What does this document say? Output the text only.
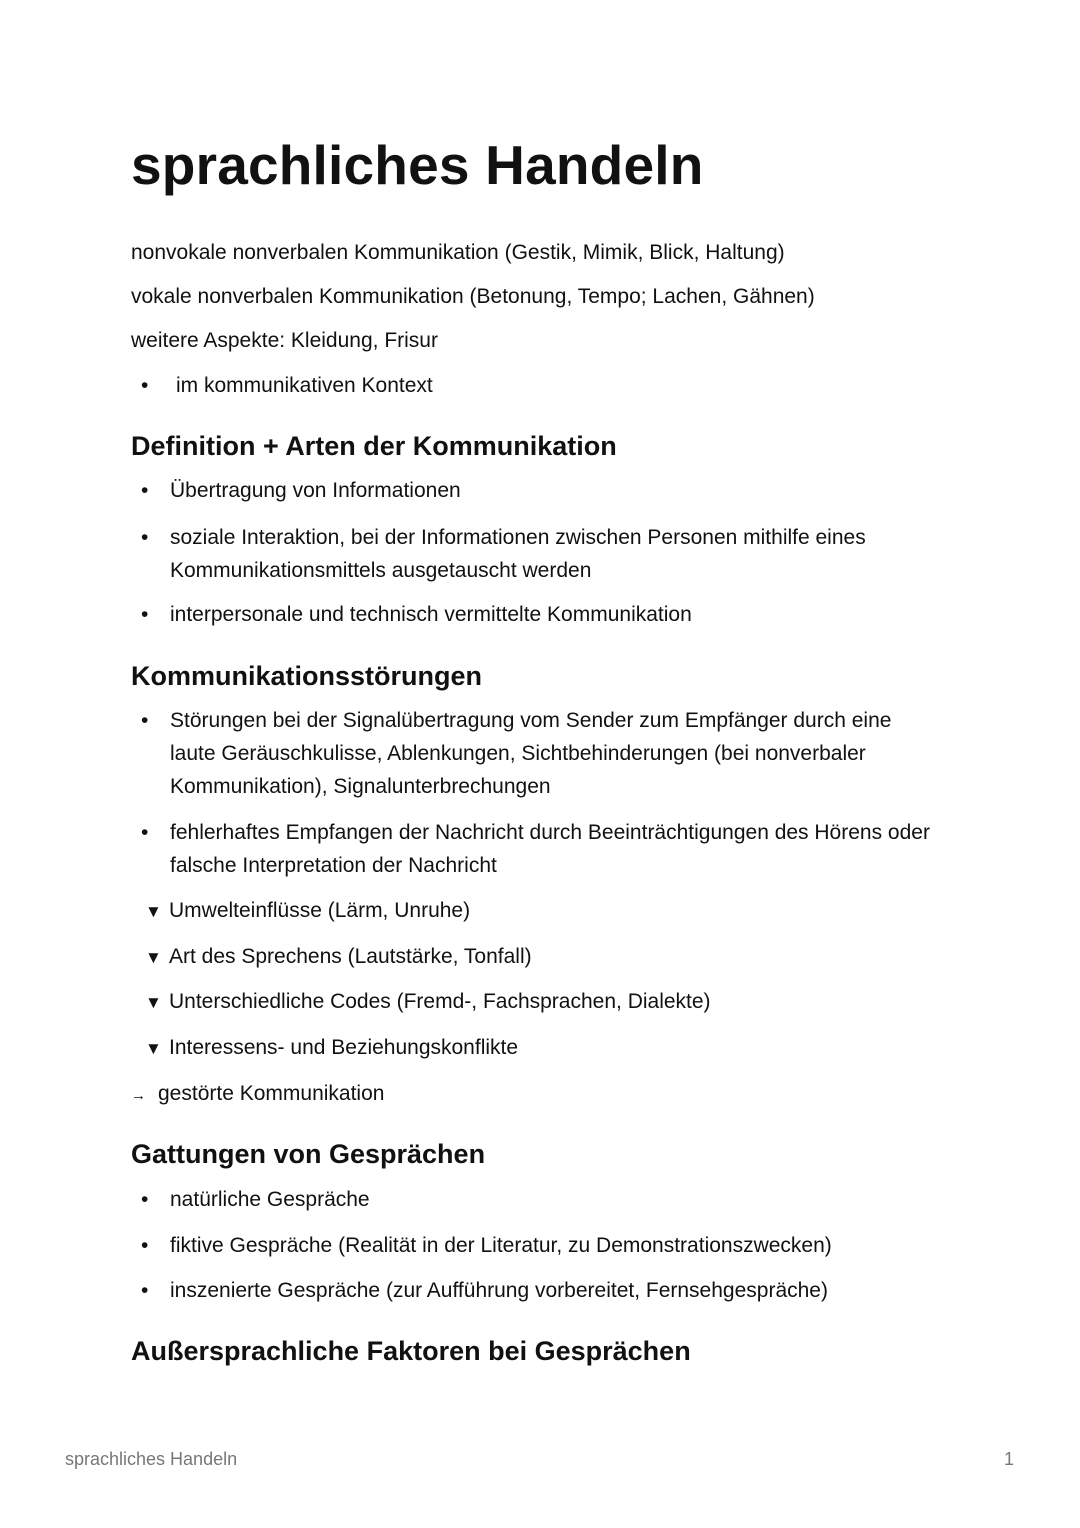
sprachliches Handeln
nonvokale nonverbalen Kommunikation (Gestik, Mimik, Blick, Haltung)
vokale nonverbalen Kommunikation (Betonung, Tempo; Lachen, Gähnen)
weitere Aspekte: Kleidung, Frisur
•	im kommunikativen Kontext
Definition + Arten der Kommunikation
•	Übertragung von Informationen
•	soziale Interaktion, bei der Informationen zwischen Personen mithilfe eines Kommunikationsmittels ausgetauscht werden
•	interpersonale und technisch vermittelte Kommunikation
Kommunikationsstörungen
•	Störungen bei der Signalübertragung vom Sender zum Empfänger durch eine laute Geräuschkulisse, Ablenkungen, Sichtbehinderungen (bei nonverbaler Kommunikation), Signalunterbrechungen
•	fehlerhaftes Empfangen der Nachricht durch Beeinträchtigungen des Hörens oder falsche Interpretation der Nachricht
▼ Umwelteinflüsse (Lärm, Unruhe)
▼ Art des Sprechens (Lautstärke, Tonfall)
▼ Unterschiedliche Codes (Fremd-, Fachsprachen, Dialekte)
▼ Interessens- und Beziehungskonflikte
→ gestörte Kommunikation
Gattungen von Gesprächen
•	natürliche Gespräche
•	fiktive Gespräche (Realität in der Literatur, zu Demonstrationszwecken)
•	inszenierte Gespräche (zur Aufführung vorbereitet, Fernsehgespräche)
Außersprachliche Faktoren bei Gesprächen
sprachliches Handeln	1
